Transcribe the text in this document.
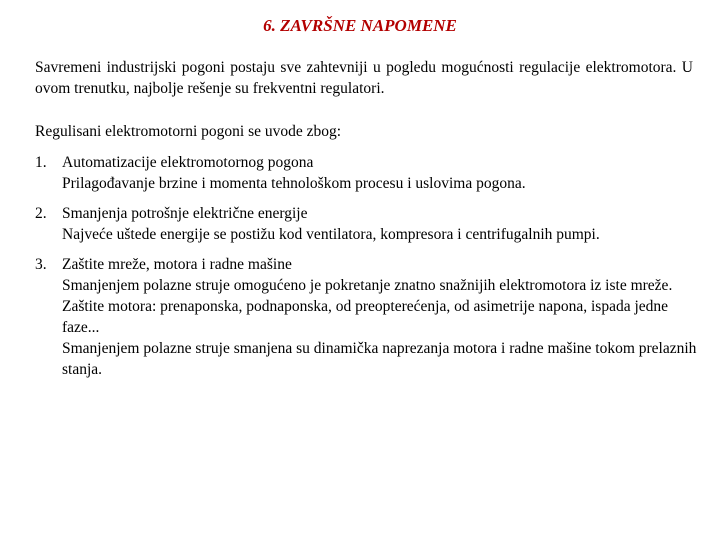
6. ZAVRŠNE NAPOMENE

Savremeni industrijski pogoni postaju sve zahtevniji u pogledu mogućnosti regulacije elektromotora. U ovom trenutku, najbolje rešenje su frekventni regulatori.

Regulisani elektromotorni pogoni se uvode zbog:

1. Automatizacije elektromotornog pogona
Prilagođavanje brzine i momenta tehnološkom procesu i uslovima pogona.
2. Smanjenja potrošnje električne energije
Najveće uštede energije se postižu kod ventilatora, kompresora i centrifugalnih pumpi.
3. Zaštite mreže, motora i radne mašine
Smanjenjem polazne struje omogućeno je pokretanje znatno snažnijih elektromotora iz iste mreže.
Zaštite motora: prenaponska, podnaponska, od preopterećenja, od asimetrije napona, ispada jedne faze...
Smanjenjem polazne struje smanjena su dinamička naprezanja motora i radne mašine tokom prelaznih stanja.
